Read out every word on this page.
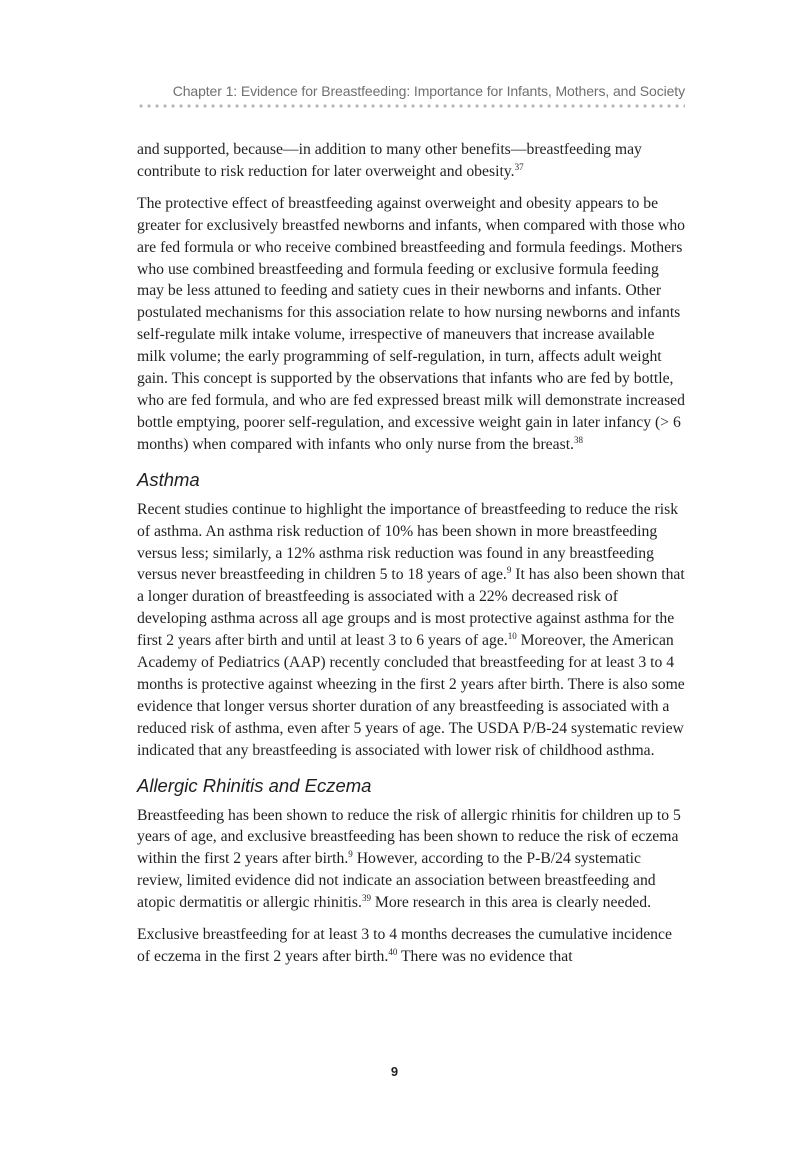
Chapter 1: Evidence for Breastfeeding: Importance for Infants, Mothers, and Society

and supported, because—in addition to many other benefits—breastfeeding may contribute to risk reduction for later overweight and obesity.$^{37}$

The protective effect of breastfeeding against overweight and obesity appears to be greater for exclusively breastfed newborns and infants, when compared with those who are fed formula or who receive combined breastfeeding and formula feedings. Mothers who use combined breastfeeding and formula feeding or exclusive formula feeding may be less attuned to feeding and satiety cues in their newborns and infants. Other postulated mechanisms for this association relate to how nursing newborns and infants self-regulate milk intake volume, irrespective of maneuvers that increase available milk volume; the early programming of self-regulation, in turn, affects adult weight gain. This concept is supported by the observations that infants who are fed by bottle, who are fed formula, and who are fed expressed breast milk will demonstrate increased bottle emptying, poorer self-regulation, and excessive weight gain in later infancy (> 6 months) when compared with infants who only nurse from the breast.$^{38}$

Asthma

Recent studies continue to highlight the importance of breastfeeding to reduce the risk of asthma. An asthma risk reduction of 10% has been shown in more breastfeeding versus less; similarly, a 12% asthma risk reduction was found in any breastfeeding versus never breastfeeding in children 5 to 18 years of age.$^9$ It has also been shown that a longer duration of breastfeeding is associated with a 22% decreased risk of developing asthma across all age groups and is most protective against asthma for the first 2 years after birth and until at least 3 to 6 years of age.$^{10}$ Moreover, the American Academy of Pediatrics (AAP) recently concluded that breastfeeding for at least 3 to 4 months is protective against wheezing in the first 2 years after birth. There is also some evidence that longer versus shorter duration of any breastfeeding is associated with a reduced risk of asthma, even after 5 years of age. The USDA P/B-24 systematic review indicated that any breastfeeding is associated with lower risk of childhood asthma.

Allergic Rhinitis and Eczema

Breastfeeding has been shown to reduce the risk of allergic rhinitis for children up to 5 years of age, and exclusive breastfeeding has been shown to reduce the risk of eczema within the first 2 years after birth.$^9$ However, according to the P-B/24 systematic review, limited evidence did not indicate an association between breastfeeding and atopic dermatitis or allergic rhinitis.$^{39}$ More research in this area is clearly needed.

Exclusive breastfeeding for at least 3 to 4 months decreases the cumulative incidence of eczema in the first 2 years after birth.$^{40}$ There was no evidence that

9
